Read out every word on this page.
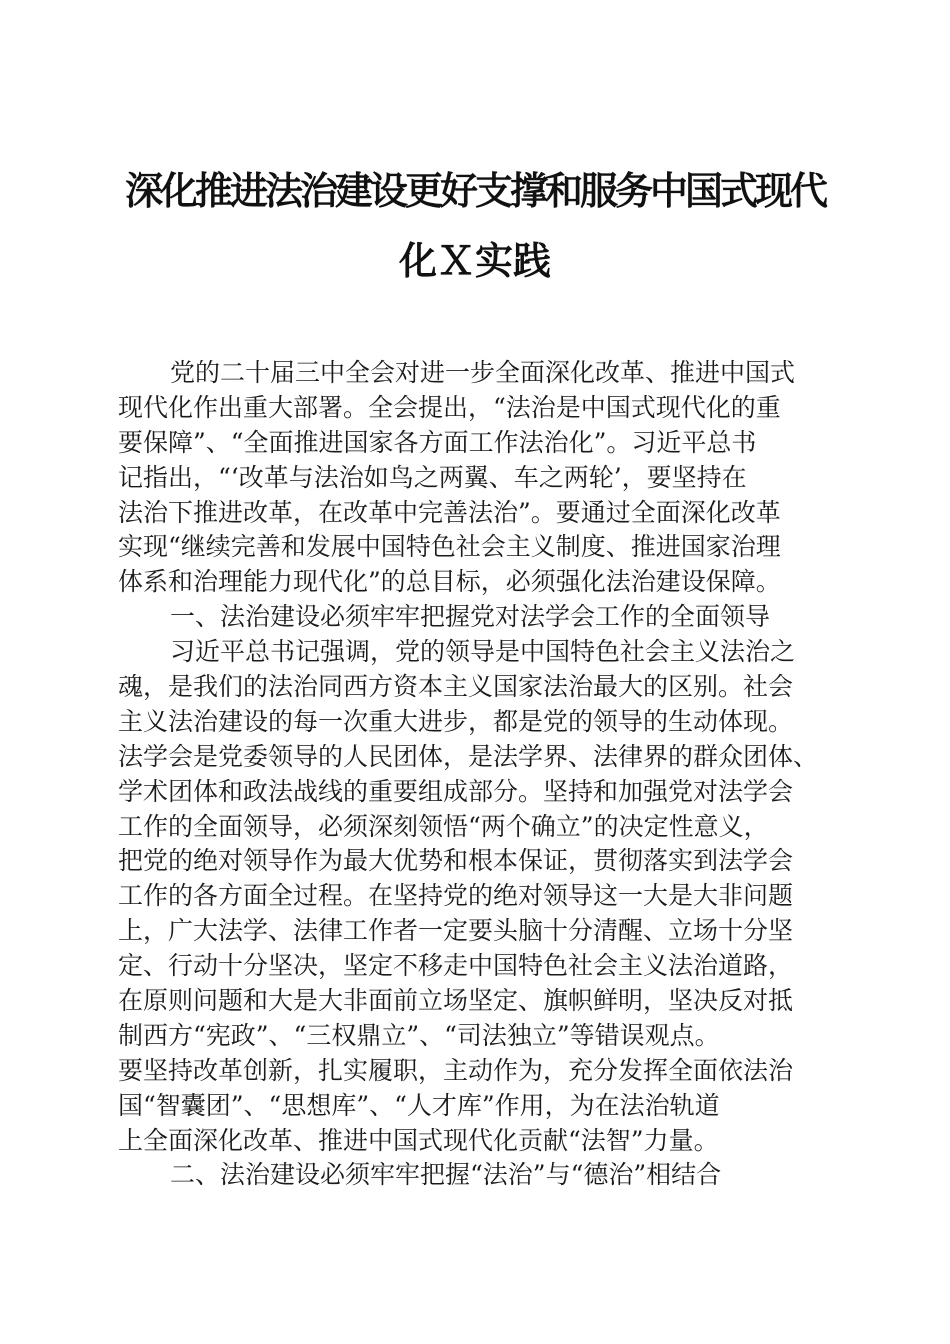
深化推进法治建设更好支撑和服务中国式现代
化Ｘ实践
党的二十届三中全会对进一步全面深化改革、推进中国式
现代化作出重大部署。全会提出，“法治是中国式现代化的重
要保障”、“全面推进国家各方面工作法治化”。习近平总书
记指出，“‘改革与法治如鸟之两翼、车之两轮’，要坚持在
法治下推进改革，在改革中完善法治”。要通过全面深化改革
实现“继续完善和发展中国特色社会主义制度、推进国家治理
体系和治理能力现代化”的总目标，必须强化法治建设保障。
一、法治建设必须牢牢把握党对法学会工作的全面领导
习近平总书记强调，党的领导是中国特色社会主义法治之
魂，是我们的法治同西方资本主义国家法治最大的区别。社会
主义法治建设的每一次重大进步，都是党的领导的生动体现。
法学会是党委领导的人民团体，是法学界、法律界的群众团体、
学术团体和政法战线的重要组成部分。坚持和加强党对法学会
工作的全面领导，必须深刻领悟“两个确立”的决定性意义，
把党的绝对领导作为最大优势和根本保证，贯彻落实到法学会
工作的各方面全过程。在坚持党的绝对领导这一大是大非问题
上，广大法学、法律工作者一定要头脑十分清醒、立场十分坚
定、行动十分坚决，坚定不移走中国特色社会主义法治道路，
在原则问题和大是大非面前立场坚定、旗帜鲜明，坚决反对抵
制西方“宪政”、“三权鼎立”、“司法独立”等错误观点。
要坚持改革创新，扎实履职，主动作为，充分发挥全面依法治
国“智囊团”、“思想库”、“人才库”作用，为在法治轨道
上全面深化改革、推进中国式现代化贡献“法智”力量。
二、法治建设必须牢牢把握“法治”与“德治”相结合
